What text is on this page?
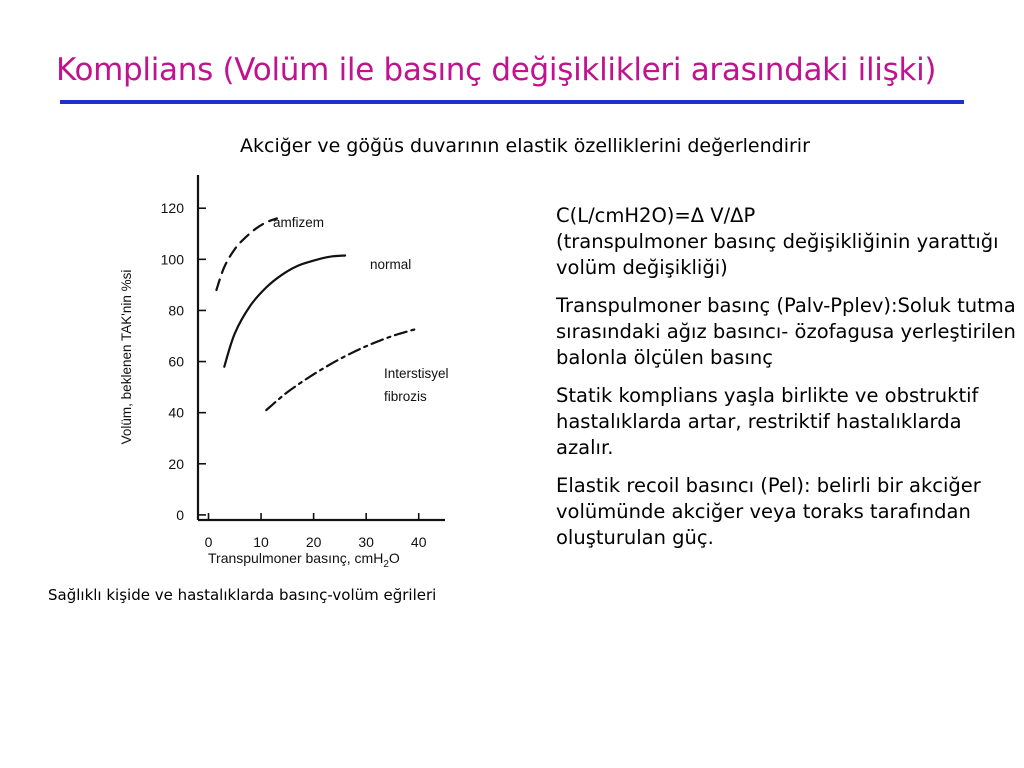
Komplians (Volüm ile basınç değişiklikleri arasındaki ilişki)
Akciğer ve göğüs duvarının elastik özelliklerini değerlendirir
0
20
40
60
80
100
120
0	10	20	30	40
amfizem
normal
Interstisyel
fibrozis
Transpulmoner basınç, cmH$_2$O
Volüm, beklenen TAK'nin %si
Sağlıklı kişide ve hastalıklarda basınç-volüm eğrileri

C(L/cmH2O)=Δ V/ΔP
(transpulmoner basınç değişikliğinin yarattığı volüm değişikliği)

Transpulmoner basınç (Palv-Pplev):Soluk tutma sırasındaki ağız basıncı- özofagusa yerleştirilen balonla ölçülen basınç

Statik komplians yaşla birlikte ve obstruktif hastalıklarda artar, restriktif hastalıklarda azalır.

Elastik recoil basıncı (Pel): belirli bir akciğer volümünde akciğer veya toraks tarafından oluşturulan güç.
